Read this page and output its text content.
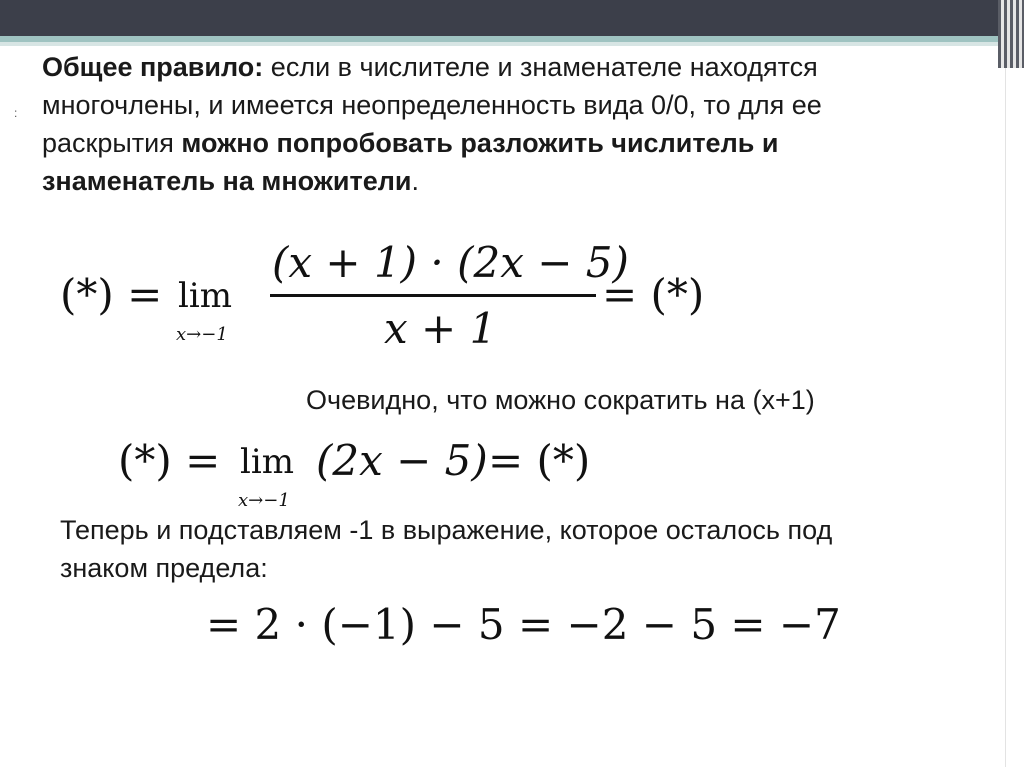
:
Общее правило: если в числителе и знаменателе находятся многочлены, и имеется неопределенность вида 0/0, то для ее раскрытия можно попробовать разложить числитель и знаменатель на множители.
(*) = lim
x→−1
(x + 1) · (2x − 5)
x + 1
= (*)
Очевидно, что можно сократить на (x+1)
(*) = lim
x→−1
(2x − 5) = (*)
Теперь и подставляем -1 в выражение, которое осталось под знаком предела:
= 2 · (−1) − 5 = −2 − 5 = −7
